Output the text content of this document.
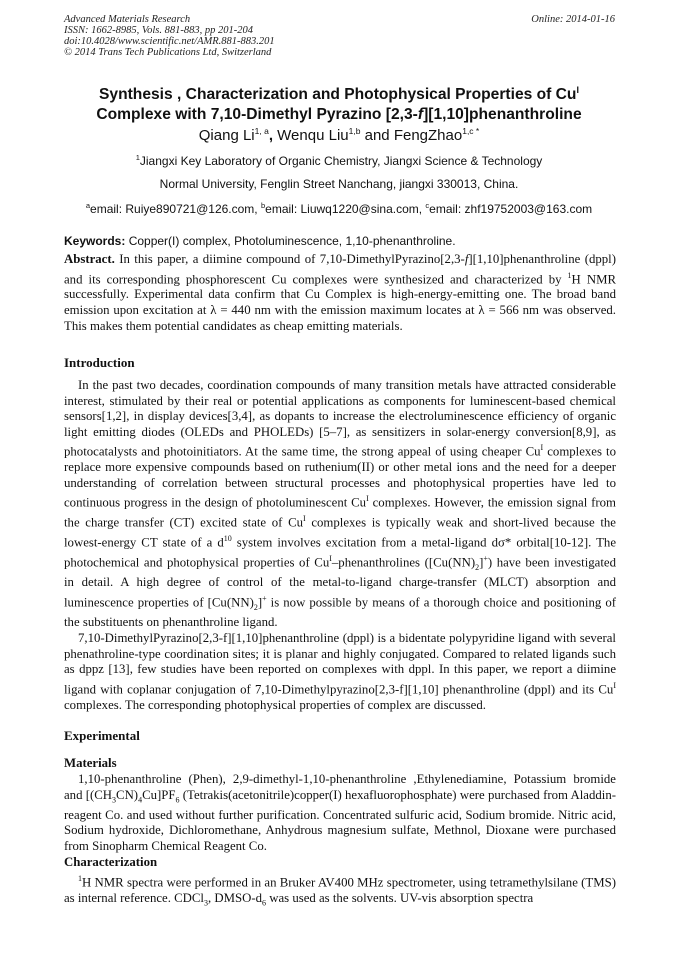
Advanced Materials Research
ISSN: 1662-8985, Vols. 881-883, pp 201-204
doi:10.4028/www.scientific.net/AMR.881-883.201
© 2014 Trans Tech Publications Ltd, Switzerland
Online: 2014-01-16
Synthesis , Characterization and Photophysical Properties of $Cu^I$
Complexe with 7,10-Dimethyl Pyrazino [2,3-f][1,10]phenanthroline
Qiang Li$^{1, a}$, Wenqu Liu$^{1,b}$ and FengZhao$^{1,c *}$
$^1$Jiangxi Key Laboratory of Organic Chemistry, Jiangxi Science & Technology
Normal University, Fenglin Street Nanchang, jiangxi 330013, China.
$^a$email: Ruiye890721@126.com, $^b$email: Liuwq1220@sina.com, $^c$email: zhf19752003@163.com
Keywords: Copper(I) complex, Photoluminescence, 1,10-phenanthroline.

Abstract. In this paper, a diimine compound of 7,10-DimethylPyrazino[2,3-f][1,10]phenanthroline (dppl) and its corresponding phosphorescent Cu complexes were synthesized and characterized by $^1$H NMR successfully. Experimental data confirm that Cu Complex is high-energy-emitting one. The broad band emission upon excitation at λ = 440 nm with the emission maximum locates at λ = 566 nm was observed. This makes them potential candidates as cheap emitting materials.

Introduction

In the past two decades, coordination compounds of many transition metals have attracted considerable interest, stimulated by their real or potential applications as components for luminescent-based chemical sensors[1,2], in display devices[3,4], as dopants to increase the electroluminescence efficiency of organic light emitting diodes (OLEDs and PHOLEDs) [5–7], as sensitizers in solar-energy conversion[8,9], as photocatalysts and photoinitiators. At the same time, the strong appeal of using cheaper $Cu^I$ complexes to replace more expensive compounds based on ruthenium(II) or other metal ions and the need for a deeper understanding of correlation between structural processes and photophysical properties have led to continuous progress in the design of photoluminescent $Cu^I$ complexes. However, the emission signal from the charge transfer (CT) excited state of $Cu^I$ complexes is typically weak and short-lived because the lowest-energy CT state of a $d^{10}$ system involves excitation from a metal-ligand dσ* orbital[10-12]. The photochemical and photophysical properties of $Cu^I$–phenanthrolines $([Cu(NN)_2]^+)$ have been investigated in detail. A high degree of control of the metal-to-ligand charge-transfer (MLCT) absorption and luminescence properties of $[Cu(NN)_2]^+$ is now possible by means of a thorough choice and positioning of the substituents on phenanthroline ligand.

7,10-DimethylPyrazino[2,3-f][1,10]phenanthroline (dppl) is a bidentate polypyridine ligand with several phenathroline-type coordination sites; it is planar and highly conjugated. Compared to related ligands such as dppz [13], few studies have been reported on complexes with dppl. In this paper, we report a diimine ligand with coplanar conjugation of 7,10-Dimethylpyrazino[2,3-f][1,10] phenanthroline (dppl) and its $Cu^I$ complexes. The corresponding photophysical properties of complex are discussed.

Experimental
Materials

1,10-phenanthroline (Phen), 2,9-dimethyl-1,10-phenanthroline ,Ethylenediamine, Potassium bromide and $[(CH_3CN)_4Cu]PF_6$ (Tetrakis(acetonitrile)copper(I) hexafluorophosphate) were purchased from Aladdin-reagent Co. and used without further purification. Concentrated sulfuric acid, Sodium bromide. Nitric acid, Sodium hydroxide, Dichloromethane, Anhydrous magnesium sulfate, Methnol, Dioxane were purchased from Sinopharm Chemical Reagent Co.

Characterization

$^1$H NMR spectra were performed in an Bruker AV400 MHz spectrometer, using tetramethylsilane (TMS) as internal reference. CDCl$_3$, DMSO-$d_6$ was used as the solvents. UV-vis absorption spectra
